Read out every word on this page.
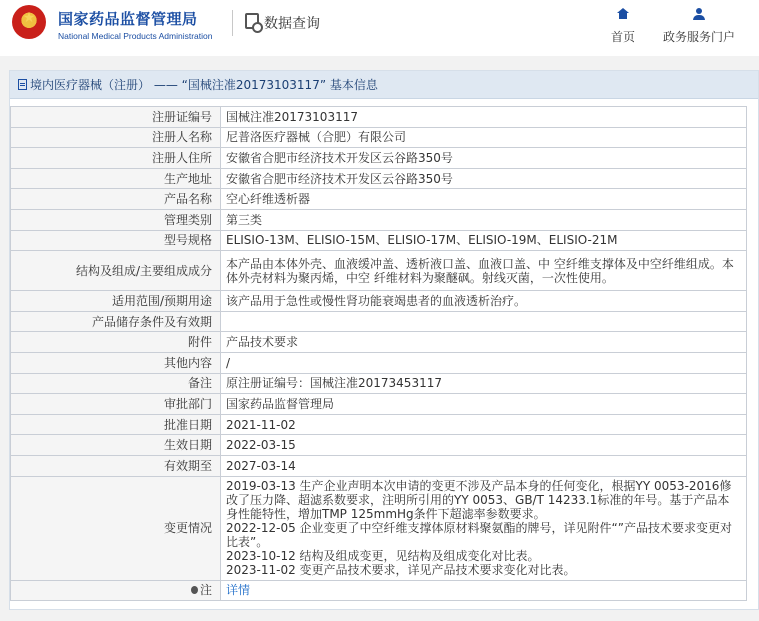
★	国家药品监督管理局
National Medical Products Administration
数据查询
首页	政务服务门户
境内医疗器械（注册） —— “国械注准20173103117” 基本信息
注册证编号	国械注准20173103117
注册人名称	尼普洛医疗器械（合肥）有限公司
注册人住所	安徽省合肥市经济技术开发区云谷路350号
生产地址	安徽省合肥市经济技术开发区云谷路350号
产品名称	空心纤维透析器
管理类别	第三类
型号规格	ELISIO-13M、ELISIO-15M、ELISIO-17M、ELISIO-19M、ELISIO-21M
结构及组成/主要组成成分	本产品由本体外壳、血液缓冲盖、透析液口盖、血液口盖、中 空纤维支撑体及中空纤维组成。本体外壳材料为聚丙烯，中空 纤维材料为聚醚砜。射线灭菌，一次性使用。
适用范围/预期用途	该产品用于急性或慢性肾功能衰竭患者的血液透析治疗。
产品储存条件及有效期	
附件	产品技术要求
其他内容	/
备注	原注册证编号：国械注准20173453117
审批部门	国家药品监督管理局
批准日期	2021-11-02
生效日期	2022-03-15
有效期至	2027-03-14
变更情况	2019-03-13 生产企业声明本次申请的变更不涉及产品本身的任何变化，根据YY 0053-2016修改了压力降、超滤系数要求，注明所引用的YY 0053、GB/T 14233.1标准的年号。基于产品本身性能特性，增加TMP 125mmHg条件下超滤率参数要求。
2022-12-05 企业变更了中空纤维支撑体原材料聚氨酯的牌号，详见附件“”产品技术要求变更对比表”。
2023-10-12 结构及组成变更，见结构及组成变化对比表。
2023-11-02 变更产品技术要求，详见产品技术要求变化对比表。

注	详情
